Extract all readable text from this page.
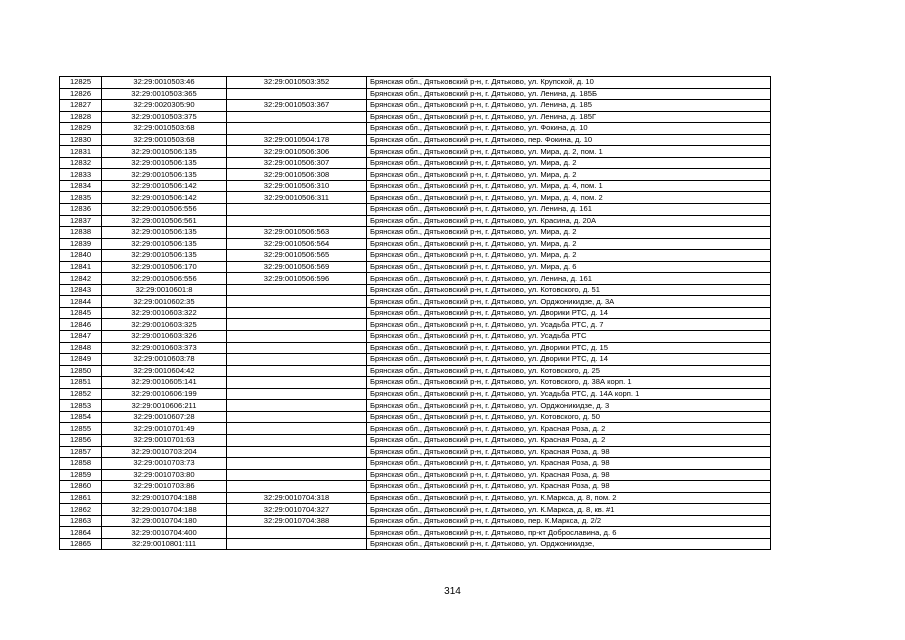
12825	32:29:0010503:46	32:29:0010503:352	Брянская обл., Дятьковский р-н, г. Дятьково, ул. Крупской, д. 10
12826	32:29:0010503:365		Брянская обл., Дятьковский р-н, г. Дятьково, ул. Ленина, д. 185Б
12827	32:29:0020305:90	32:29:0010503:367	Брянская обл., Дятьковский р-н, г. Дятьково, ул. Ленина, д. 185
12828	32:29:0010503:375		Брянская обл., Дятьковский р-н, г. Дятьково, ул. Ленина, д. 185Г
12829	32:29:0010503:68		Брянская обл., Дятьковский р-н, г. Дятьково, ул. Фокина, д. 10
12830	32:29:0010503:68	32:29:0010504:178	Брянская обл., Дятьковский р-н, г. Дятьково, пер. Фокина, д. 10
12831	32:29:0010506:135	32:29:0010506:306	Брянская обл., Дятьковский р-н, г. Дятьково, ул. Мира, д. 2, пом. 1
12832	32:29:0010506:135	32:29:0010506:307	Брянская обл., Дятьковский р-н, г. Дятьково, ул. Мира, д. 2
12833	32:29:0010506:135	32:29:0010506:308	Брянская обл., Дятьковский р-н, г. Дятьково, ул. Мира, д. 2
12834	32:29:0010506:142	32:29:0010506:310	Брянская обл., Дятьковский р-н, г. Дятьково, ул. Мира, д. 4, пом. 1
12835	32:29:0010506:142	32:29:0010506:311	Брянская обл., Дятьковский р-н, г. Дятьково, ул. Мира, д. 4, пом. 2
12836	32:29:0010506:556		Брянская обл., Дятьковский р-н, г. Дятьково, ул. Ленина, д. 161
12837	32:29:0010506:561		Брянская обл., Дятьковский р-н, г. Дятьково, ул. Красина, д. 20А
12838	32:29:0010506:135	32:29:0010506:563	Брянская обл., Дятьковский р-н, г. Дятьково, ул. Мира, д. 2
12839	32:29:0010506:135	32:29:0010506:564	Брянская обл., Дятьковский р-н, г. Дятьково, ул. Мира, д. 2
12840	32:29:0010506:135	32:29:0010506:565	Брянская обл., Дятьковский р-н, г. Дятьково, ул. Мира, д. 2
12841	32:29:0010506:170	32:29:0010506:569	Брянская обл., Дятьковский р-н, г. Дятьково, ул. Мира, д. 6
12842	32:29:0010506:556	32:29:0010506:596	Брянская обл., Дятьковский р-н, г. Дятьково, ул. Ленина, д. 161
12843	32:29:0010601:8		Брянская обл., Дятьковский р-н, г. Дятьково, ул. Котовского, д. 51
12844	32:29:0010602:35		Брянская обл., Дятьковский р-н, г. Дятьково, ул. Орджоникидзе, д. 3А
12845	32:29:0010603:322		Брянская обл., Дятьковский р-н, г. Дятьково, ул. Дворики РТС, д. 14
12846	32:29:0010603:325		Брянская обл., Дятьковский р-н, г. Дятьково, ул. Усадьба РТС, д. 7
12847	32:29:0010603:326		Брянская обл., Дятьковский р-н, г. Дятьково, ул. Усадьба РТС
12848	32:29:0010603:373		Брянская обл., Дятьковский р-н, г. Дятьково, ул. Дворики РТС, д. 15
12849	32:29:0010603:78		Брянская обл., Дятьковский р-н, г. Дятьково, ул. Дворики РТС, д. 14
12850	32:29:0010604:42		Брянская обл., Дятьковский р-н, г. Дятьково, ул. Котовского, д. 25
12851	32:29:0010605:141		Брянская обл., Дятьковский р-н, г. Дятьково, ул. Котовского, д. 38А корп. 1
12852	32:29:0010606:199		Брянская обл., Дятьковский р-н, г. Дятьково, ул. Усадьба РТС, д. 14А корп. 1
12853	32:29:0010606:211		Брянская обл., Дятьковский р-н, г. Дятьково, ул. Орджоникидзе, д. 3
12854	32:29:0010607:28		Брянская обл., Дятьковский р-н, г. Дятьково, ул. Котовского, д. 50
12855	32:29:0010701:49		Брянская обл., Дятьковский р-н, г. Дятьково, ул. Красная Роза, д. 2
12856	32:29:0010701:63		Брянская обл., Дятьковский р-н, г. Дятьково, ул. Красная Роза, д. 2
12857	32:29:0010703:204		Брянская обл., Дятьковский р-н, г. Дятьково, ул. Красная Роза, д. 98
12858	32:29:0010703:73		Брянская обл., Дятьковский р-н, г. Дятьково, ул. Красная Роза, д. 98
12859	32:29:0010703:80		Брянская обл., Дятьковский р-н, г. Дятьково, ул. Красная Роза, д. 98
12860	32:29:0010703:86		Брянская обл., Дятьковский р-н, г. Дятьково, ул. Красная Роза, д. 98
12861	32:29:0010704:188	32:29:0010704:318	Брянская обл., Дятьковский р-н, г. Дятьково, ул. К.Маркса, д. 8, пом. 2
12862	32:29:0010704:188	32:29:0010704:327	Брянская обл., Дятьковский р-н, г. Дятьково, ул. К.Маркса, д. 8, кв. #1
12863	32:29:0010704:180	32:29:0010704:388	Брянская обл., Дятьковский р-н, г. Дятьково, пер. К.Маркса, д. 2/2
12864	32:29:0010704:400		Брянская обл., Дятьковский р-н, г. Дятьково, пр-кт Доброславина, д. 6
12865	32:29:0010801:111		Брянская обл., Дятьковский р-н, г. Дятьково, ул. Орджоникидзе,
314
